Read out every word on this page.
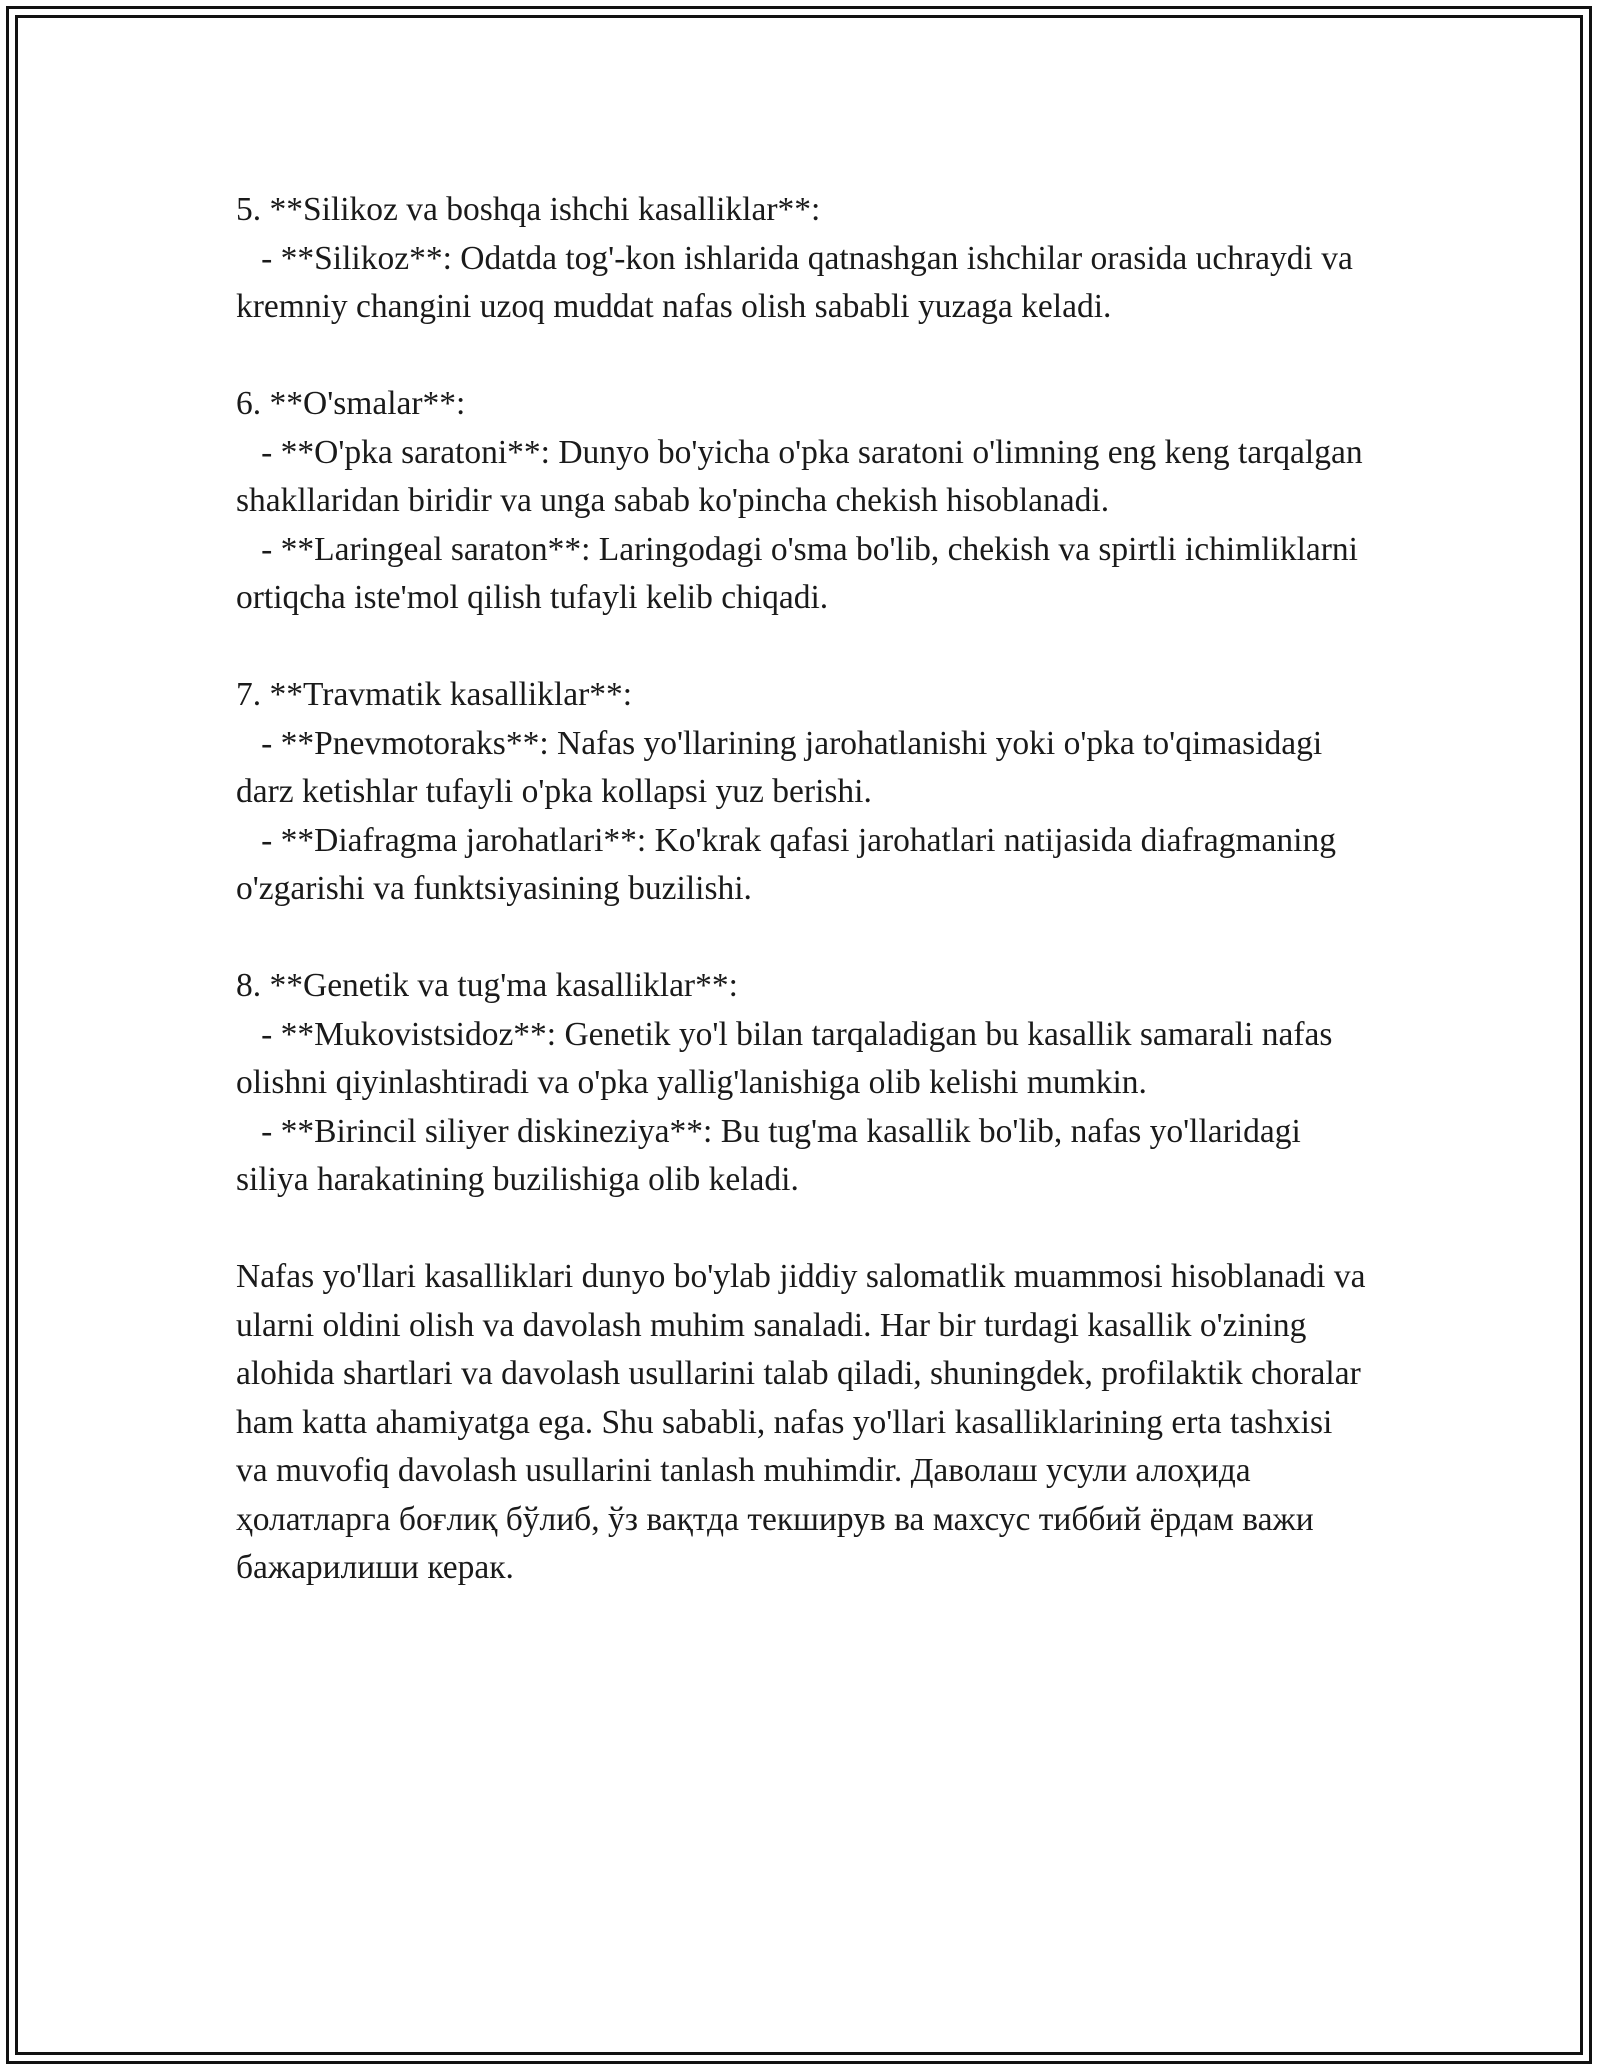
5. **Silikoz va boshqa ishchi kasalliklar**:

- **Silikoz**: Odatda tog'-kon ishlarida qatnashgan ishchilar orasida uchraydi va kremniy changini uzoq muddat nafas olish sababli yuzaga keladi.

6. **O'smalar**:

- **O'pka saratoni**: Dunyo bo'yicha o'pka saratoni o'limning eng keng tarqalgan shakllaridan biridir va unga sabab ko'pincha chekish hisoblanadi.

- **Laringeal saraton**: Laringodagi o'sma bo'lib, chekish va spirtli ichimliklarni ortiqcha iste'mol qilish tufayli kelib chiqadi.

7. **Travmatik kasalliklar**:

- **Pnevmotoraks**: Nafas yo'llarining jarohatlanishi yoki o'pka to'qimasidagi darz ketishlar tufayli o'pka kollapsi yuz berishi.

- **Diafragma jarohatlari**: Ko'krak qafasi jarohatlari natijasida diafragmaning o'zgarishi va funktsiyasining buzilishi.

8. **Genetik va tug'ma kasalliklar**:

- **Mukovistsidoz**: Genetik yo'l bilan tarqaladigan bu kasallik samarali nafas olishni qiyinlashtiradi va o'pka yallig'lanishiga olib kelishi mumkin.

- **Birincil siliyer diskineziya**: Bu tug'ma kasallik bo'lib, nafas yo'llaridagi siliya harakatining buzilishiga olib keladi.

Nafas yo'llari kasalliklari dunyo bo'ylab jiddiy salomatlik muammosi hisoblanadi va ularni oldini olish va davolash muhim sanaladi. Har bir turdagi kasallik o'zining alohida shartlari va davolash usullarini talab qiladi, shuningdek, profilaktik choralar ham katta ahamiyatga ega. Shu sababli, nafas yo'llari kasalliklarining erta tashxisi va muvofiq davolash usullarini tanlash muhimdir. Даволаш усули алоҳида ҳолатларга боғлиқ бўлиб, ўз вақтда текширув ва махсус тиббий ёрдам важи бажарилиши керак.
